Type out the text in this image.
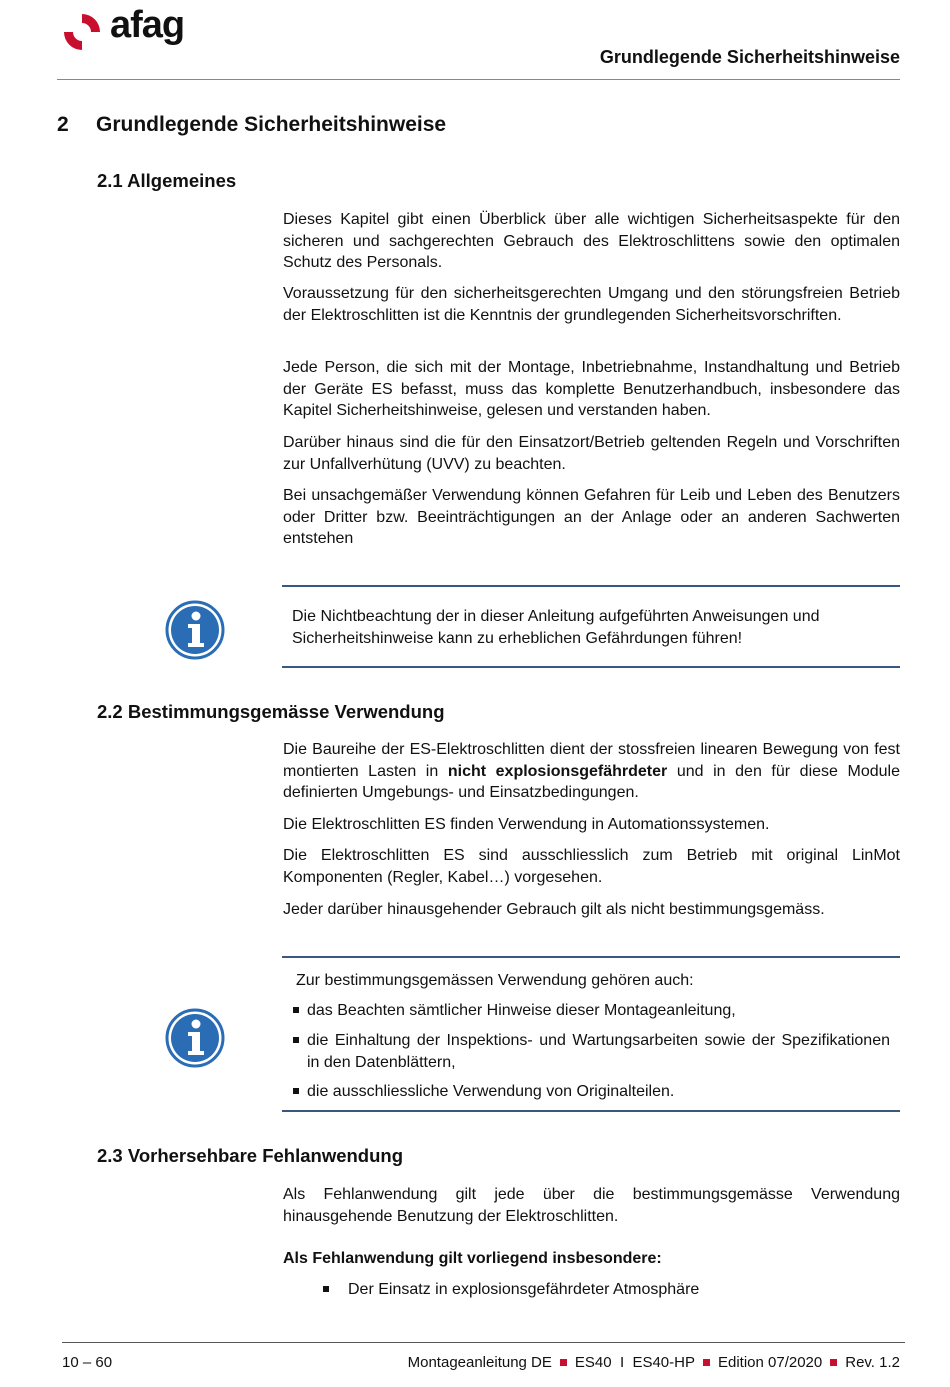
afag
Grundlegende Sicherheitshinweise
2 Grundlegende Sicherheitshinweise
2.1 Allgemeines
Dieses Kapitel gibt einen Überblick über alle wichtigen Sicherheitsaspekte für den sicheren und sachgerechten Gebrauch des Elektroschlittens sowie den optimalen Schutz des Personals.
Voraussetzung für den sicherheitsgerechten Umgang und den störungsfreien Betrieb der Elektroschlitten ist die Kenntnis der grundlegenden Sicherheitsvorschriften.
Jede Person, die sich mit der Montage, Inbetriebnahme, Instandhaltung und Betrieb der Geräte ES befasst, muss das komplette Benutzerhandbuch, insbesondere das Kapitel Sicherheitshinweise, gelesen und verstanden haben.
Darüber hinaus sind die für den Einsatzort/Betrieb geltenden Regeln und Vorschriften zur Unfallverhütung (UVV) zu beachten.
Bei unsachgemäßer Verwendung können Gefahren für Leib und Leben des Benutzers oder Dritter bzw. Beeinträchtigungen an der Anlage oder an anderen Sachwerten entstehen
Die Nichtbeachtung der in dieser Anleitung aufgeführten Anweisungen und Sicherheitshinweise kann zu erheblichen Gefährdungen führen!
2.2 Bestimmungsgemässe Verwendung
Die Baureihe der ES-Elektroschlitten dient der stossfreien linearen Bewegung von fest montierten Lasten in nicht explosionsgefährdeter und in den für diese Module definierten Umgebungs- und Einsatzbedingungen.
Die Elektroschlitten ES finden Verwendung in Automationssystemen.
Die Elektroschlitten ES sind ausschliesslich zum Betrieb mit original LinMot Komponenten (Regler, Kabel…) vorgesehen.
Jeder darüber hinausgehender Gebrauch gilt als nicht bestimmungsgemäss.
Zur bestimmungsgemässen Verwendung gehören auch:
das Beachten sämtlicher Hinweise dieser Montageanleitung,
die Einhaltung der Inspektions- und Wartungsarbeiten sowie der Spezifikationen in den Datenblättern,
die ausschliessliche Verwendung von Originalteilen.
2.3 Vorhersehbare Fehlanwendung
Als Fehlanwendung gilt jede über die bestimmungsgemässe Verwendung hinausgehende Benutzung der Elektroschlitten.
Als Fehlanwendung gilt vorliegend insbesondere:
Der Einsatz in explosionsgefährdeter Atmosphäre
10 – 60	Montageanleitung DE ES40 I ES40-HP Edition 07/2020 Rev. 1.2
